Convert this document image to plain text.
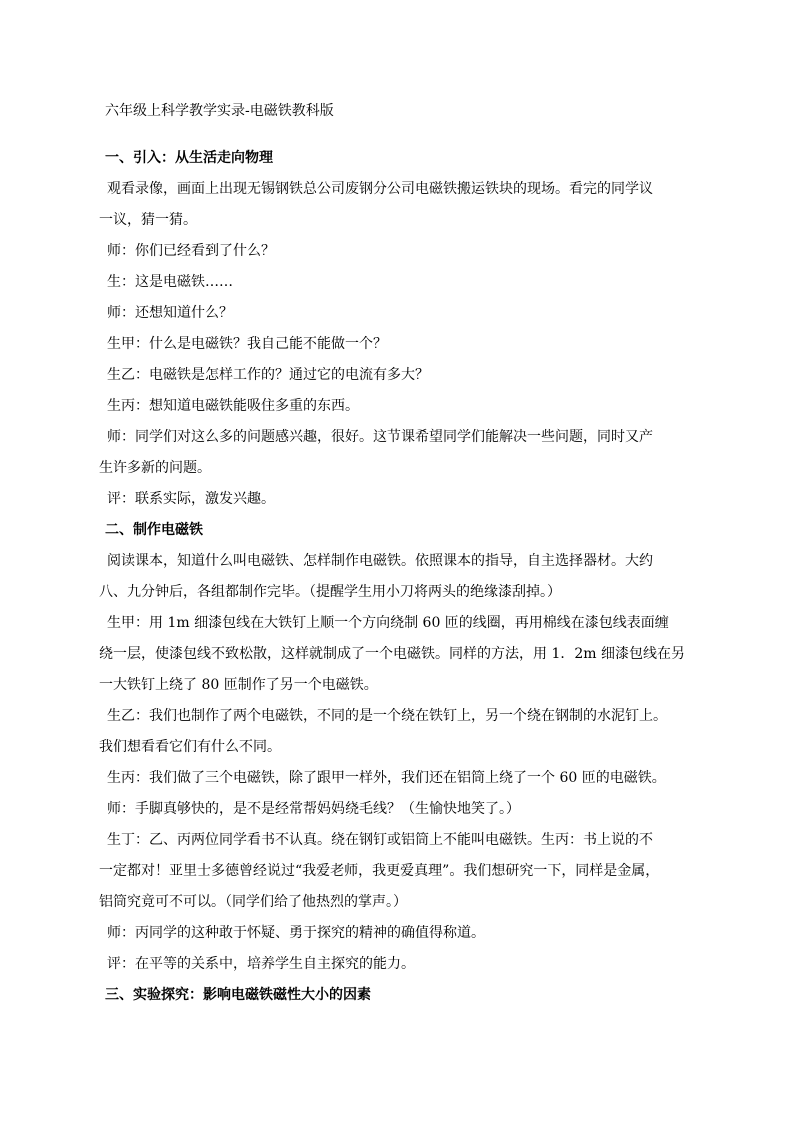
六年级上科学教学实录-电磁铁教科版

一、引入：从生活走向物理

观看录像，画面上出现无锡钢铁总公司废钢分公司电磁铁搬运铁块的现场。看完的同学议

一议，猜一猜。

师：你们已经看到了什么？

生：这是电磁铁……

师：还想知道什么？

生甲：什么是电磁铁？我自己能不能做一个？

生乙：电磁铁是怎样工作的？通过它的电流有多大？

生丙：想知道电磁铁能吸住多重的东西。

师：同学们对这么多的问题感兴趣，很好。这节课希望同学们能解决一些问题，同时又产

生许多新的问题。

评：联系实际，激发兴趣。

二、制作电磁铁

阅读课本，知道什么叫电磁铁、怎样制作电磁铁。依照课本的指导，自主选择器材。大约

八、九分钟后，各组都制作完毕。（提醒学生用小刀将两头的绝缘漆刮掉。）

生甲：用 1m 细漆包线在大铁钉上顺一个方向绕制 60 匝的线圈，再用棉线在漆包线表面缠

绕一层，使漆包线不致松散，这样就制成了一个电磁铁。同样的方法，用 1．2m 细漆包线在另

一大铁钉上绕了 80 匝制作了另一个电磁铁。

生乙：我们也制作了两个电磁铁，不同的是一个绕在铁钉上，另一个绕在钢制的水泥钉上。

我们想看看它们有什么不同。

生丙：我们做了三个电磁铁，除了跟甲一样外，我们还在铝筒上绕了一个 60 匝的电磁铁。

师：手脚真够快的，是不是经常帮妈妈绕毛线？（生愉快地笑了。）

生丁：乙、丙两位同学看书不认真。绕在钢钉或铝筒上不能叫电磁铁。生丙：书上说的不

一定都对！亚里士多德曾经说过“我爱老师，我更爱真理”。我们想研究一下，同样是金属，

铝筒究竟可不可以。（同学们给了他热烈的掌声。）

师：丙同学的这种敢于怀疑、勇于探究的精神的确值得称道。

评：在平等的关系中，培养学生自主探究的能力。

三、实验探究：影响电磁铁磁性大小的因素
